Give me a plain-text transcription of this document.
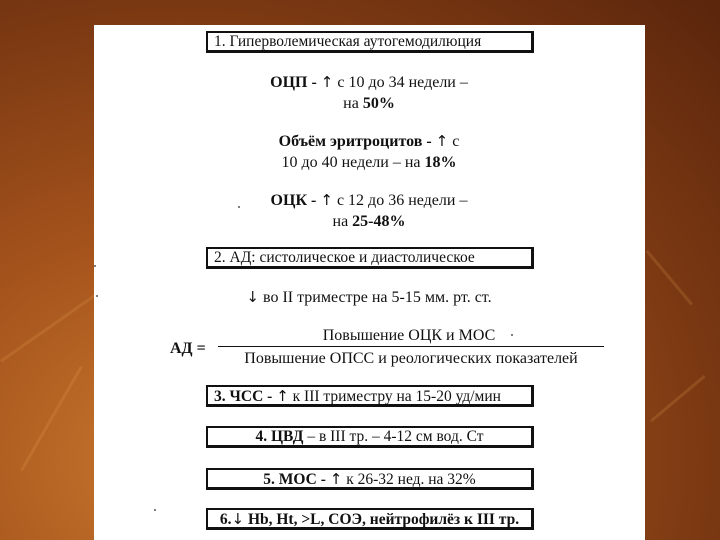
1. Гиперволемическая аутогемодилюция
ОЦП - ↑ с 10 до 34 недели –
на 50%
Объём эритроцитов - ↑ с
10 до 40 недели – на 18%
ОЦК - ↑ с 12 до 36 недели –
на 25-48%
2. АД: систолическое и диастолическое
↓ во II триместре на 5-15 мм. рт. ст.
АД =
Повышение ОЦК и МОС
Повышение ОПСС и реологических показателей
3. ЧСС - ↑ к III триместру на 15-20 уд/мин
4. ЦВД – в III тр. – 4-12 см вод. Ст
5. МОС - ↑ к 26-32 нед. на 32%
6.↓ Hb, Ht, >L, СОЭ, нейтрофилёз к III тр.
